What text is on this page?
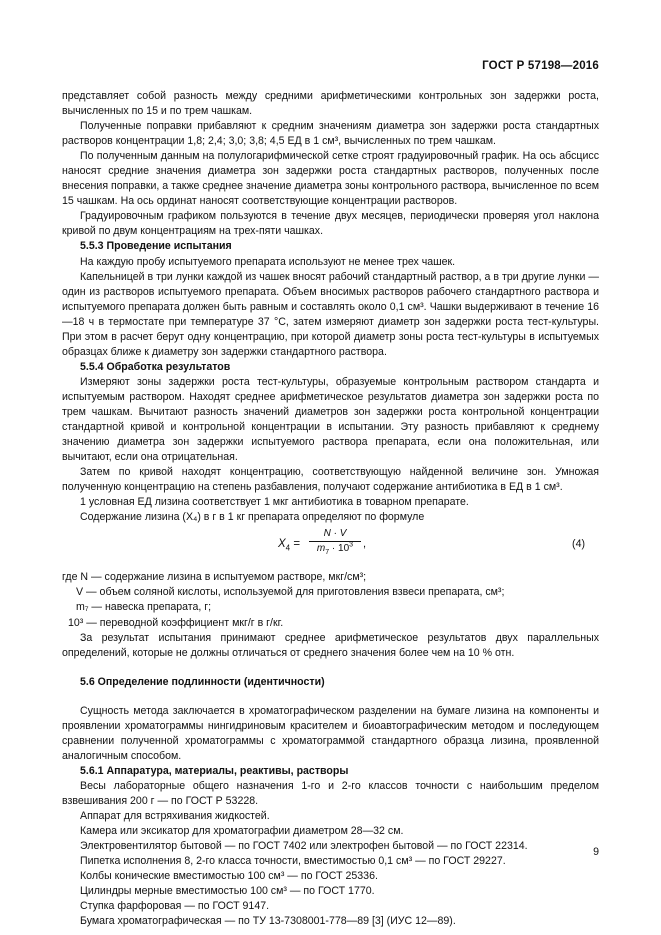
ГОСТ Р 57198—2016

представляет собой разность между средними арифметическими контрольных зон задержки роста, вычисленных по 15 и по трем чашкам.

Полученные поправки прибавляют к средним значениям диаметра зон задержки роста стандартных растворов концентрации 1,8; 2,4; 3,0; 3,8; 4,5 ЕД в 1 см³, вычисленных по трем чашкам.

По полученным данным на полулогарифмической сетке строят градуировочный график. На ось абсцисс наносят средние значения диаметра зон задержки роста стандартных растворов, полученных после внесения поправки, а также среднее значение диаметра зоны контрольного раствора, вычисленное по всем 15 чашкам. На ось ординат наносят соответствующие концентрации растворов.

Градуировочным графиком пользуются в течение двух месяцев, периодически проверяя угол наклона кривой по двум концентрациям на трех-пяти чашках.

5.5.3 Проведение испытания

На каждую пробу испытуемого препарата используют не менее трех чашек.

Капельницей в три лунки каждой из чашек вносят рабочий стандартный раствор, а в три другие лунки — один из растворов испытуемого препарата. Объем вносимых растворов рабочего стандартного раствора и испытуемого препарата должен быть равным и составлять около 0,1 см³. Чашки выдерживают в течение 16—18 ч в термостате при температуре 37 °С, затем измеряют диаметр зон задержки роста тест-культуры. При этом в расчет берут одну концентрацию, при которой диаметр зоны роста тест-культуры в испытуемых образцах ближе к диаметру зон задержки стандартного раствора.

5.5.4 Обработка результатов

Измеряют зоны задержки роста тест-культуры, образуемые контрольным раствором стандарта и испытуемым раствором. Находят среднее арифметическое результатов диаметра зон задержки роста по трем чашкам. Вычитают разность значений диаметров зон задержки роста контрольной концентрации стандартной кривой и контрольной концентрации в испытании. Эту разность прибавляют к среднему значению диаметра зон задержки испытуемого раствора препарата, если она положительная, или вычитают, если она отрицательная.

Затем по кривой находят концентрацию, соответствующую найденной величине зон. Умножая полученную концентрацию на степень разбавления, получают содержание антибиотика в ЕД в 1 см³.

1 условная ЕД лизина соответствует 1 мкг антибиотика в товарном препарате.

Содержание лизина (X₄) в г в 1 кг препарата определяют по формуле

$X_4 = \frac{N \cdot V}{m_7 \cdot 10^3}$ ,	(4)

где N — содержание лизина в испытуемом растворе, мкг/см³;

V — объем соляной кислоты, используемой для приготовления взвеси препарата, см³;

m₇ — навеска препарата, г;

10³ — переводной коэффициент мкг/г в г/кг.

За результат испытания принимают среднее арифметическое результатов двух параллельных определений, которые не должны отличаться от среднего значения более чем на 10 % отн.

5.6 Определение подлинности (идентичности)

Сущность метода заключается в хроматографическом разделении на бумаге лизина на компоненты и проявлении хроматограммы нингидриновым красителем и биоавтографическим методом и последующем сравнении полученной хроматограммы с хроматограммой стандартного образца лизина, проявленной аналогичным способом.

5.6.1 Аппаратура, материалы, реактивы, растворы

Весы лабораторные общего назначения 1-го и 2-го классов точности с наибольшим пределом взвешивания 200 г — по ГОСТ Р 53228.

Аппарат для встряхивания жидкостей.

Камера или эксикатор для хроматографии диаметром 28—32 см.

Электровентилятор бытовой — по ГОСТ 7402 или электрофен бытовой — по ГОСТ 22314.

Пипетка исполнения 8, 2-го класса точности, вместимостью 0,1 см³ — по ГОСТ 29227.

Колбы конические вместимостью 100 см³ — по ГОСТ 25336.

Цилиндры мерные вместимостью 100 см³ — по ГОСТ 1770.

Ступка фарфоровая — по ГОСТ 9147.

Бумага хроматографическая — по ТУ 13-7308001-778—89 [3] (ИУС 12—89).

9
